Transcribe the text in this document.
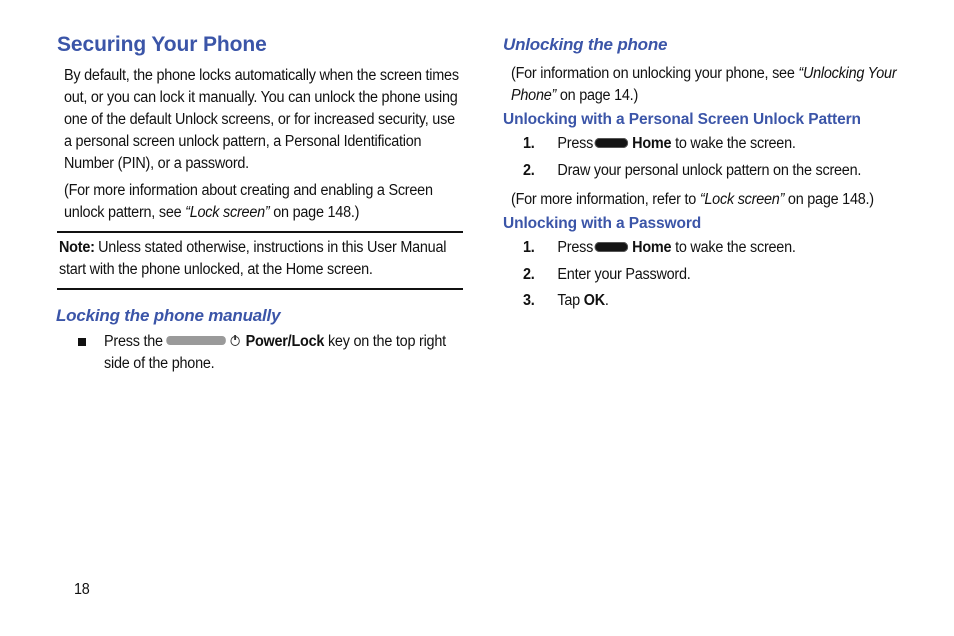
Securing Your Phone
By default, the phone locks automatically when the screen times out, or you can lock it manually. You can unlock the phone using one of the default Unlock screens, or for increased security, use a personal screen unlock pattern, a Personal Identification Number (PIN), or a password.
(For more information about creating and enabling a Screen unlock pattern, see “Lock screen” on page 148.)
Note: Unless stated otherwise, instructions in this User Manual start with the phone unlocked, at the Home screen.
Locking the phone manually
Press the	Power/Lock key on the top right side of the phone.
Unlocking the phone
(For information on unlocking your phone, see “Unlocking Your Phone” on page 14.)
Unlocking with a Personal Screen Unlock Pattern
1. Press	Home to wake the screen.
2. Draw your personal unlock pattern on the screen.
(For more information, refer to “Lock screen” on page 148.)
Unlocking with a Password
1. Press	Home to wake the screen.
2. Enter your Password.
3. Tap OK.
18
